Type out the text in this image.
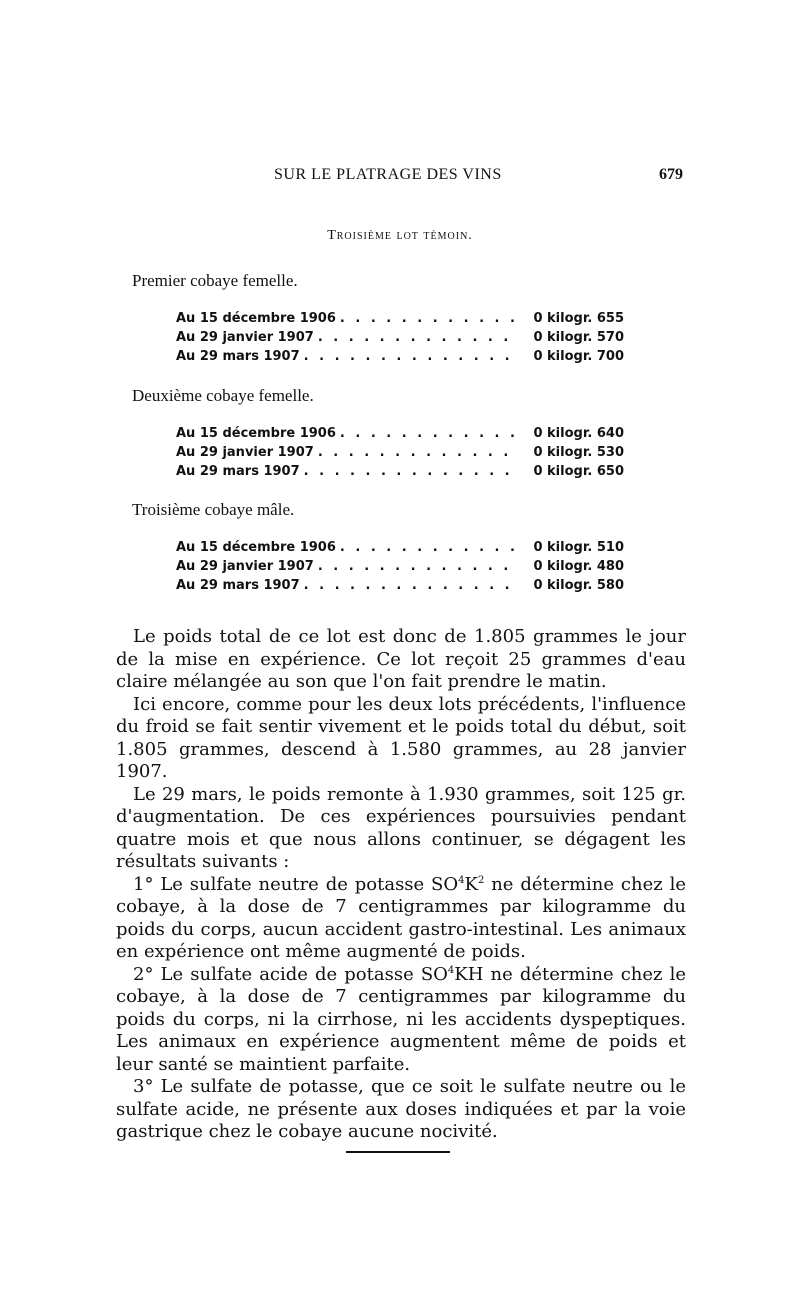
SUR LE PLATRAGE DES VINS	679
Troisième lot témoin.
Premier cobaye femelle.
Au 15 décembre 1906 . . .	0 kilogr. 655
Au 29 janvier 1907 . . .	0 kilogr. 570
Au 29 mars 1907 . . .	0 kilogr. 700
Deuxième cobaye femelle.
Au 15 décembre 1906 . . .	0 kilogr. 640
Au 29 janvier 1907 . . .	0 kilogr. 530
Au 29 mars 1907 . . .	0 kilogr. 650
Troisième cobaye mâle.
Au 15 décembre 1906 . . .	0 kilogr. 510
Au 29 janvier 1907 . . .	0 kilogr. 480
Au 29 mars 1907 . . .	0 kilogr. 580

Le poids total de ce lot est donc de 1.805 grammes le jour de la mise en expérience. Ce lot reçoit 25 grammes d'eau claire mélangée au son que l'on fait prendre le matin.

Ici encore, comme pour les deux lots précédents, l'influence du froid se fait sentir vivement et le poids total du début, soit 1.805 grammes, descend à 1.580 grammes, au 28 janvier 1907.

Le 29 mars, le poids remonte à 1.930 grammes, soit 125 gr. d'augmentation. De ces expériences poursuivies pendant quatre mois et que nous allons continuer, se dégagent les résultats suivants :

1° Le sulfate neutre de potasse $SO^4K^2$ ne détermine chez le cobaye, à la dose de 7 centigrammes par kilogramme du poids du corps, aucun accident gastro-intestinal. Les animaux en expérience ont même augmenté de poids.

2° Le sulfate acide de potasse $SO^4KH$ ne détermine chez le cobaye, à la dose de 7 centigrammes par kilogramme du poids du corps, ni la cirrhose, ni les accidents dyspeptiques. Les animaux en expérience augmentent même de poids et leur santé se maintient parfaite.

3° Le sulfate de potasse, que ce soit le sulfate neutre ou le sulfate acide, ne présente aux doses indiquées et par la voie gastrique chez le cobaye aucune nocivité.
